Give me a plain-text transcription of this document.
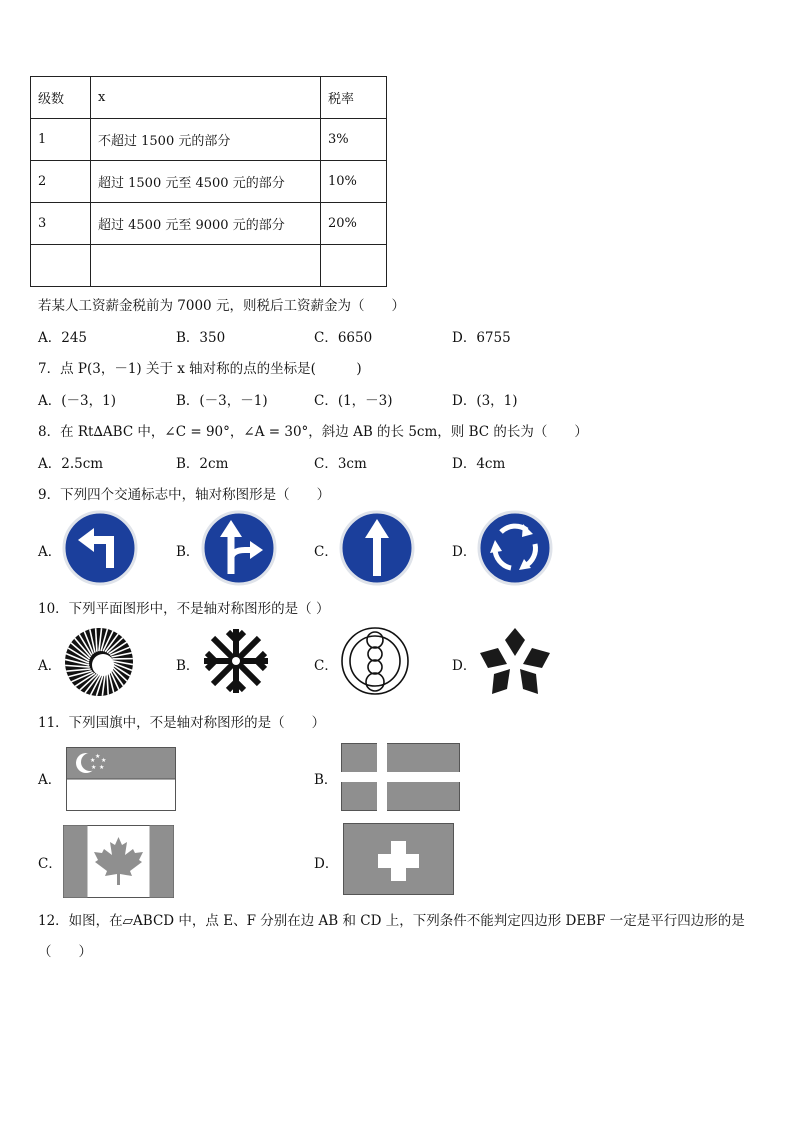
级数	x	税率
1	不超过 1500 元的部分	3%
2	超过 1500 元至 4500 元的部分	10%
3	超过 4500 元至 9000 元的部分	20%

若某人工资薪金税前为 7000 元，则税后工资薪金为（　　）
A．245	B．350	C．6650	D．6755
7．点 P(3，－1) 关于 x 轴对称的点的坐标是(　　　)
A．(－3，1)	B．(－3，－1)	C．(1，－3)	D．(3，1)
8．在 Rt∆ABC 中，∠C = 90°，∠A = 30°，斜边 AB 的长 5cm，则 BC 的长为（　　）
A．2.5cm	B．2cm	C．3cm	D．4cm
9．下列四个交通标志中，轴对称图形是（　　）
A．	B．	C．	D．
10．下列平面图形中，不是轴对称图形的是（ ）
A．	B．	C．	D．
11．下列国旗中，不是轴对称图形的是（　　）
A．	B．
C．	D．
★
★
★
★
★
12．如图，在▱ABCD 中，点 E、F 分别在边 AB 和 CD 上，下列条件不能判定四边形 DEBF 一定是平行四边形的是
（　　）
